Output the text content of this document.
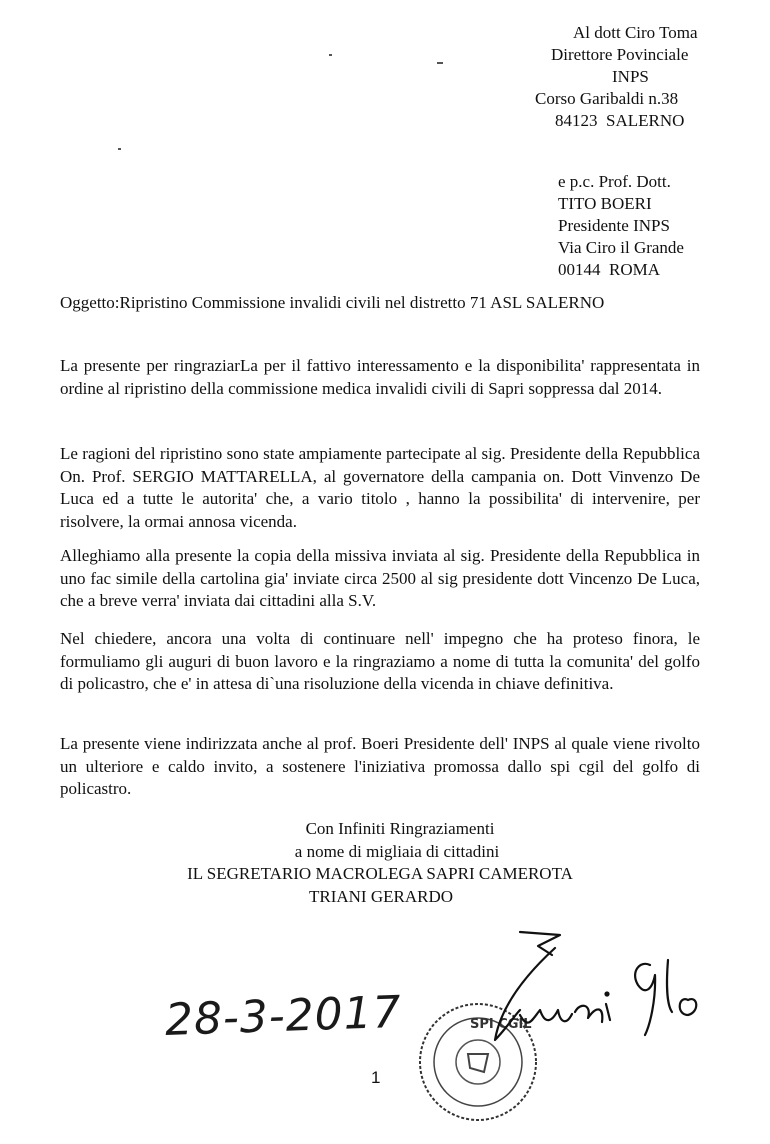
Al dott Ciro Toma
Direttore Povinciale
INPS
Corso Garibaldi n.38
84123  SALERNO
e p.c. Prof. Dott.
TITO BOERI
Presidente INPS
Via Ciro il Grande
00144  ROMA
Oggetto:Ripristino Commissione invalidi civili nel distretto 71 ASL SALERNO
La presente per ringraziarLa per il fattivo interessamento e la disponibilita' rappresentata in ordine al ripristino della commissione medica invalidi civili di Sapri soppressa dal 2014.
Le ragioni del ripristino sono state ampiamente partecipate al sig. Presidente della Repubblica On. Prof. SERGIO MATTARELLA, al governatore della campania on. Dott Vinvenzo De Luca ed a tutte le autorita' che, a vario titolo , hanno la possibilita' di intervenire, per risolvere, la ormai annosa vicenda.
Alleghiamo alla presente la copia della missiva inviata al sig. Presidente della Repubblica in uno fac simile della cartolina gia' inviate circa 2500 al sig presidente dott Vincenzo De Luca, che a breve verra' inviata dai cittadini alla S.V.
Nel chiedere, ancora una volta di continuare nell' impegno che ha proteso finora, le formuliamo gli auguri di buon lavoro e la ringraziamo a nome di tutta la comunita' del golfo di policastro, che e' in attesa di`una risoluzione della vicenda in chiave definitiva.
La presente viene indirizzata anche al prof. Boeri Presidente dell' INPS al quale viene rivolto un ulteriore e caldo invito, a sostenere l'iniziativa promossa dallo spi cgil del golfo di policastro.
Con Infiniti Ringraziamenti
a nome di migliaia di cittadini
IL SEGRETARIO MACROLEGA SAPRI CAMEROTA
TRIANI GERARDO
28-3-2017	SPI CGIL
1
